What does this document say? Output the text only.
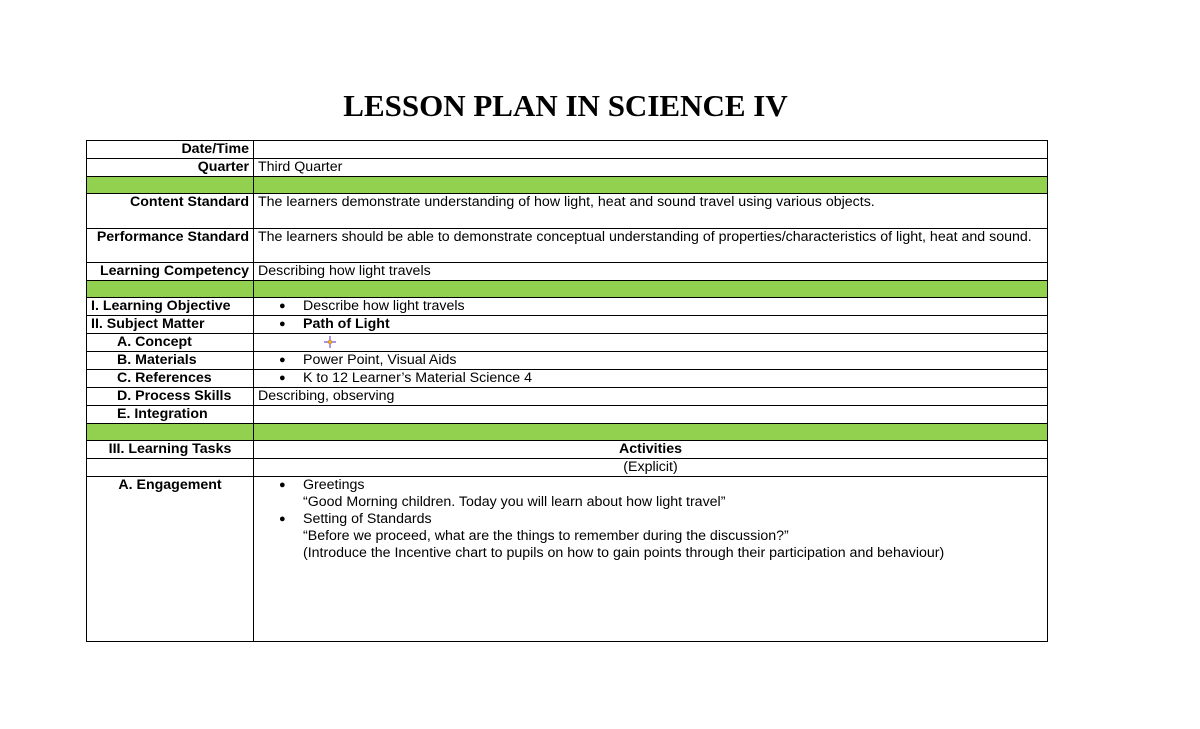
LESSON PLAN IN SCIENCE IV
Date/Time	
Quarter	Third Quarter

Content Standard	The learners demonstrate understanding of how light, heat and sound travel using various objects.
Performance Standard	The learners should be able to demonstrate conceptual understanding of properties/characteristics of light, heat and sound.
Learning Competency	Describing how light travels

I. Learning Objective	● Describe how light travels
II. Subject Matter	● Path of Light
A. Concept	
B. Materials	● Power Point, Visual Aids
C. References	● K to 12 Learner’s Material Science 4
D. Process Skills	Describing, observing
E. Integration	

III. Learning Tasks	Activities
	(Explicit)
A. Engagement	● Greetings
“Good Morning children. Today you will learn about how light travel”
● Setting of Standards
“Before we proceed, what are the things to remember during the discussion?”
(Introduce the Incentive chart to pupils on how to gain points through their participation and behaviour)
